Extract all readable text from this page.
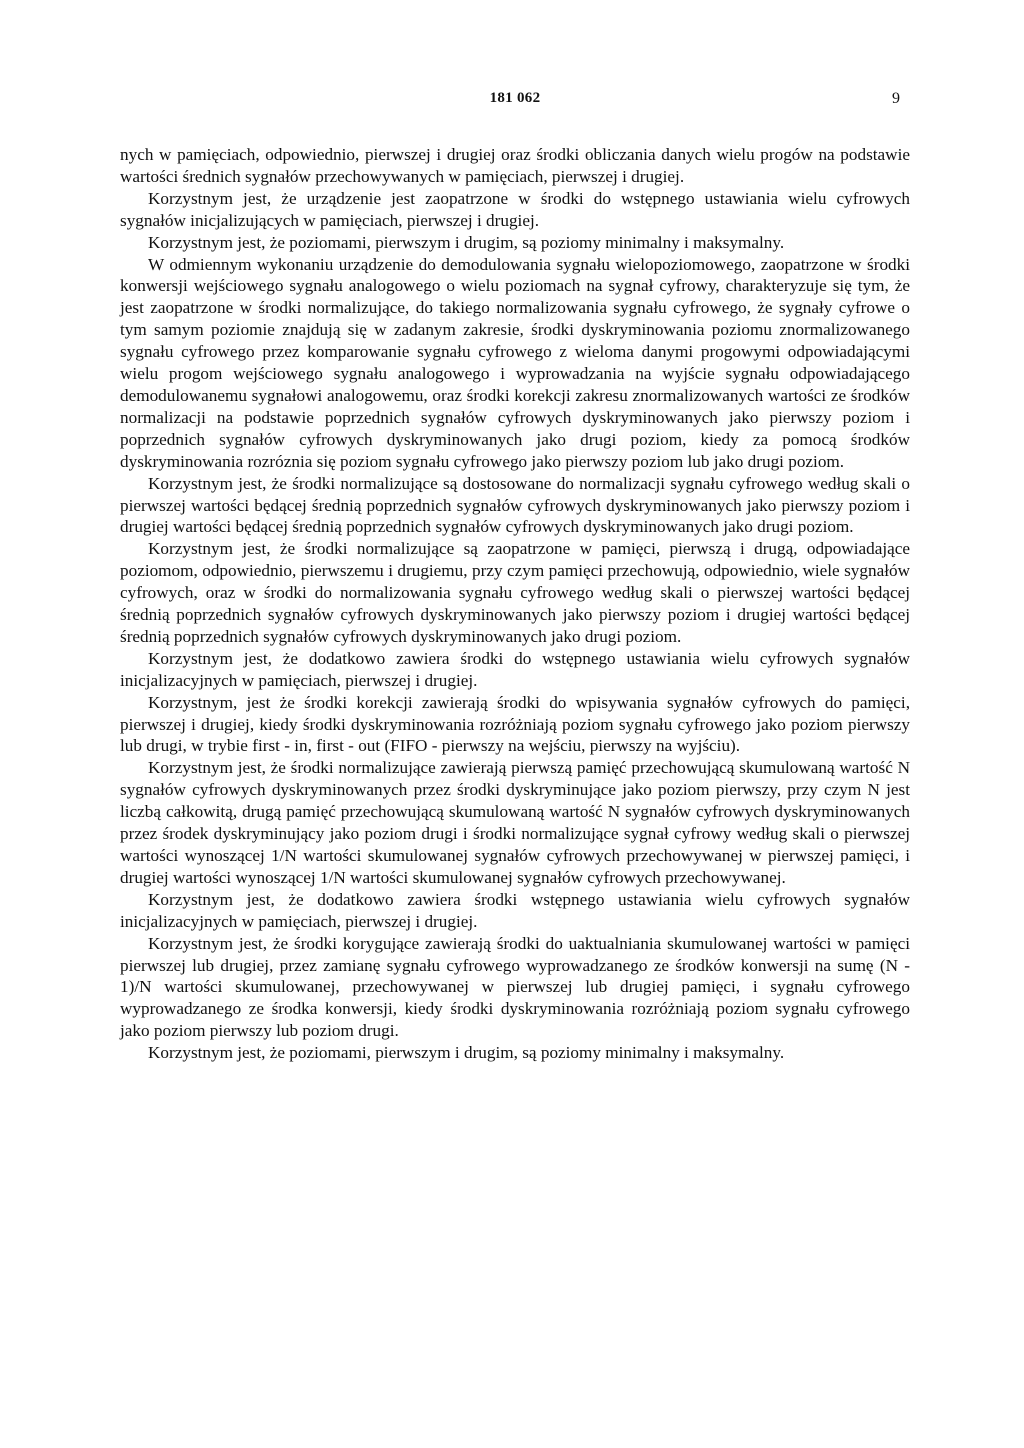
181 062	9

nych w pamięciach, odpowiednio, pierwszej i drugiej oraz środki obliczania danych wielu progów na podstawie wartości średnich sygnałów przechowywanych w pamięciach, pierwszej i drugiej.

Korzystnym jest, że urządzenie jest zaopatrzone w środki do wstępnego ustawiania wielu cyfrowych sygnałów inicjalizujących w pamięciach, pierwszej i drugiej.

Korzystnym jest, że poziomami, pierwszym i drugim, są poziomy minimalny i maksymalny.

W odmiennym wykonaniu urządzenie do demodulowania sygnału wielopoziomowego, zaopatrzone w środki konwersji wejściowego sygnału analogowego o wielu poziomach na sygnał cyfrowy, charakteryzuje się tym, że jest zaopatrzone w środki normalizujące, do takiego normalizowania sygnału cyfrowego, że sygnały cyfrowe o tym samym poziomie znajdują się w zadanym zakresie, środki dyskryminowania poziomu znormalizowanego sygnału cyfrowego przez komparowanie sygnału cyfrowego z wieloma danymi progowymi odpowiadającymi wielu progom wejściowego sygnału analogowego i wyprowadzania na wyjście sygnału odpowiadającego demodulowanemu sygnałowi analogowemu, oraz środki korekcji zakresu znormalizowanych wartości ze środków normalizacji na podstawie poprzednich sygnałów cyfrowych dyskryminowanych jako pierwszy poziom i poprzednich sygnałów cyfrowych dyskryminowanych jako drugi poziom, kiedy za pomocą środków dyskryminowania rozróznia się poziom sygnału cyfrowego jako pierwszy poziom lub jako drugi poziom.

Korzystnym jest, że środki normalizujące są dostosowane do normalizacji sygnału cyfrowego według skali o pierwszej wartości będącej średnią poprzednich sygnałów cyfrowych dyskryminowanych jako pierwszy poziom i drugiej wartości będącej średnią poprzednich sygnałów cyfrowych dyskryminowanych jako drugi poziom.

Korzystnym jest, że środki normalizujące są zaopatrzone w pamięci, pierwszą i drugą, odpowiadające poziomom, odpowiednio, pierwszemu i drugiemu, przy czym pamięci przechowują, odpowiednio, wiele sygnałów cyfrowych, oraz w środki do normalizowania sygnału cyfrowego według skali o pierwszej wartości będącej średnią poprzednich sygnałów cyfrowych dyskryminowanych jako pierwszy poziom i drugiej wartości będącej średnią poprzednich sygnałów cyfrowych dyskryminowanych jako drugi poziom.

Korzystnym jest, że dodatkowo zawiera środki do wstępnego ustawiania wielu cyfrowych sygnałów inicjalizacyjnych w pamięciach, pierwszej i drugiej.

Korzystnym, jest że środki korekcji zawierają środki do wpisywania sygnałów cyfrowych do pamięci, pierwszej i drugiej, kiedy środki dyskryminowania rozróżniają poziom sygnału cyfrowego jako poziom pierwszy lub drugi, w trybie first - in, first - out (FIFO - pierwszy na wejściu, pierwszy na wyjściu).

Korzystnym jest, że środki normalizujące zawierają pierwszą pamięć przechowującą skumulowaną wartość N sygnałów cyfrowych dyskryminowanych przez środki dyskryminujące jako poziom pierwszy, przy czym N jest liczbą całkowitą, drugą pamięć przechowującą skumulowaną wartość N sygnałów cyfrowych dyskryminowanych przez środek dyskryminujący jako poziom drugi i środki normalizujące sygnał cyfrowy według skali o pierwszej wartości wynoszącej 1/N wartości skumulowanej sygnałów cyfrowych przechowywanej w pierwszej pamięci, i drugiej wartości wynoszącej 1/N wartości skumulowanej sygnałów cyfrowych przechowywanej.

Korzystnym jest, że dodatkowo zawiera środki wstępnego ustawiania wielu cyfrowych sygnałów inicjalizacyjnych w pamięciach, pierwszej i drugiej.

Korzystnym jest, że środki korygujące zawierają środki do uaktualniania skumulowanej wartości w pamięci pierwszej lub drugiej, przez zamianę sygnału cyfrowego wyprowadzanego ze środków konwersji na sumę (N - 1)/N wartości skumulowanej, przechowywanej w pierwszej lub drugiej pamięci, i sygnału cyfrowego wyprowadzanego ze środka konwersji, kiedy środki dyskryminowania rozróżniają poziom sygnału cyfrowego jako poziom pierwszy lub poziom drugi.

Korzystnym jest, że poziomami, pierwszym i drugim, są poziomy minimalny i maksymalny.
